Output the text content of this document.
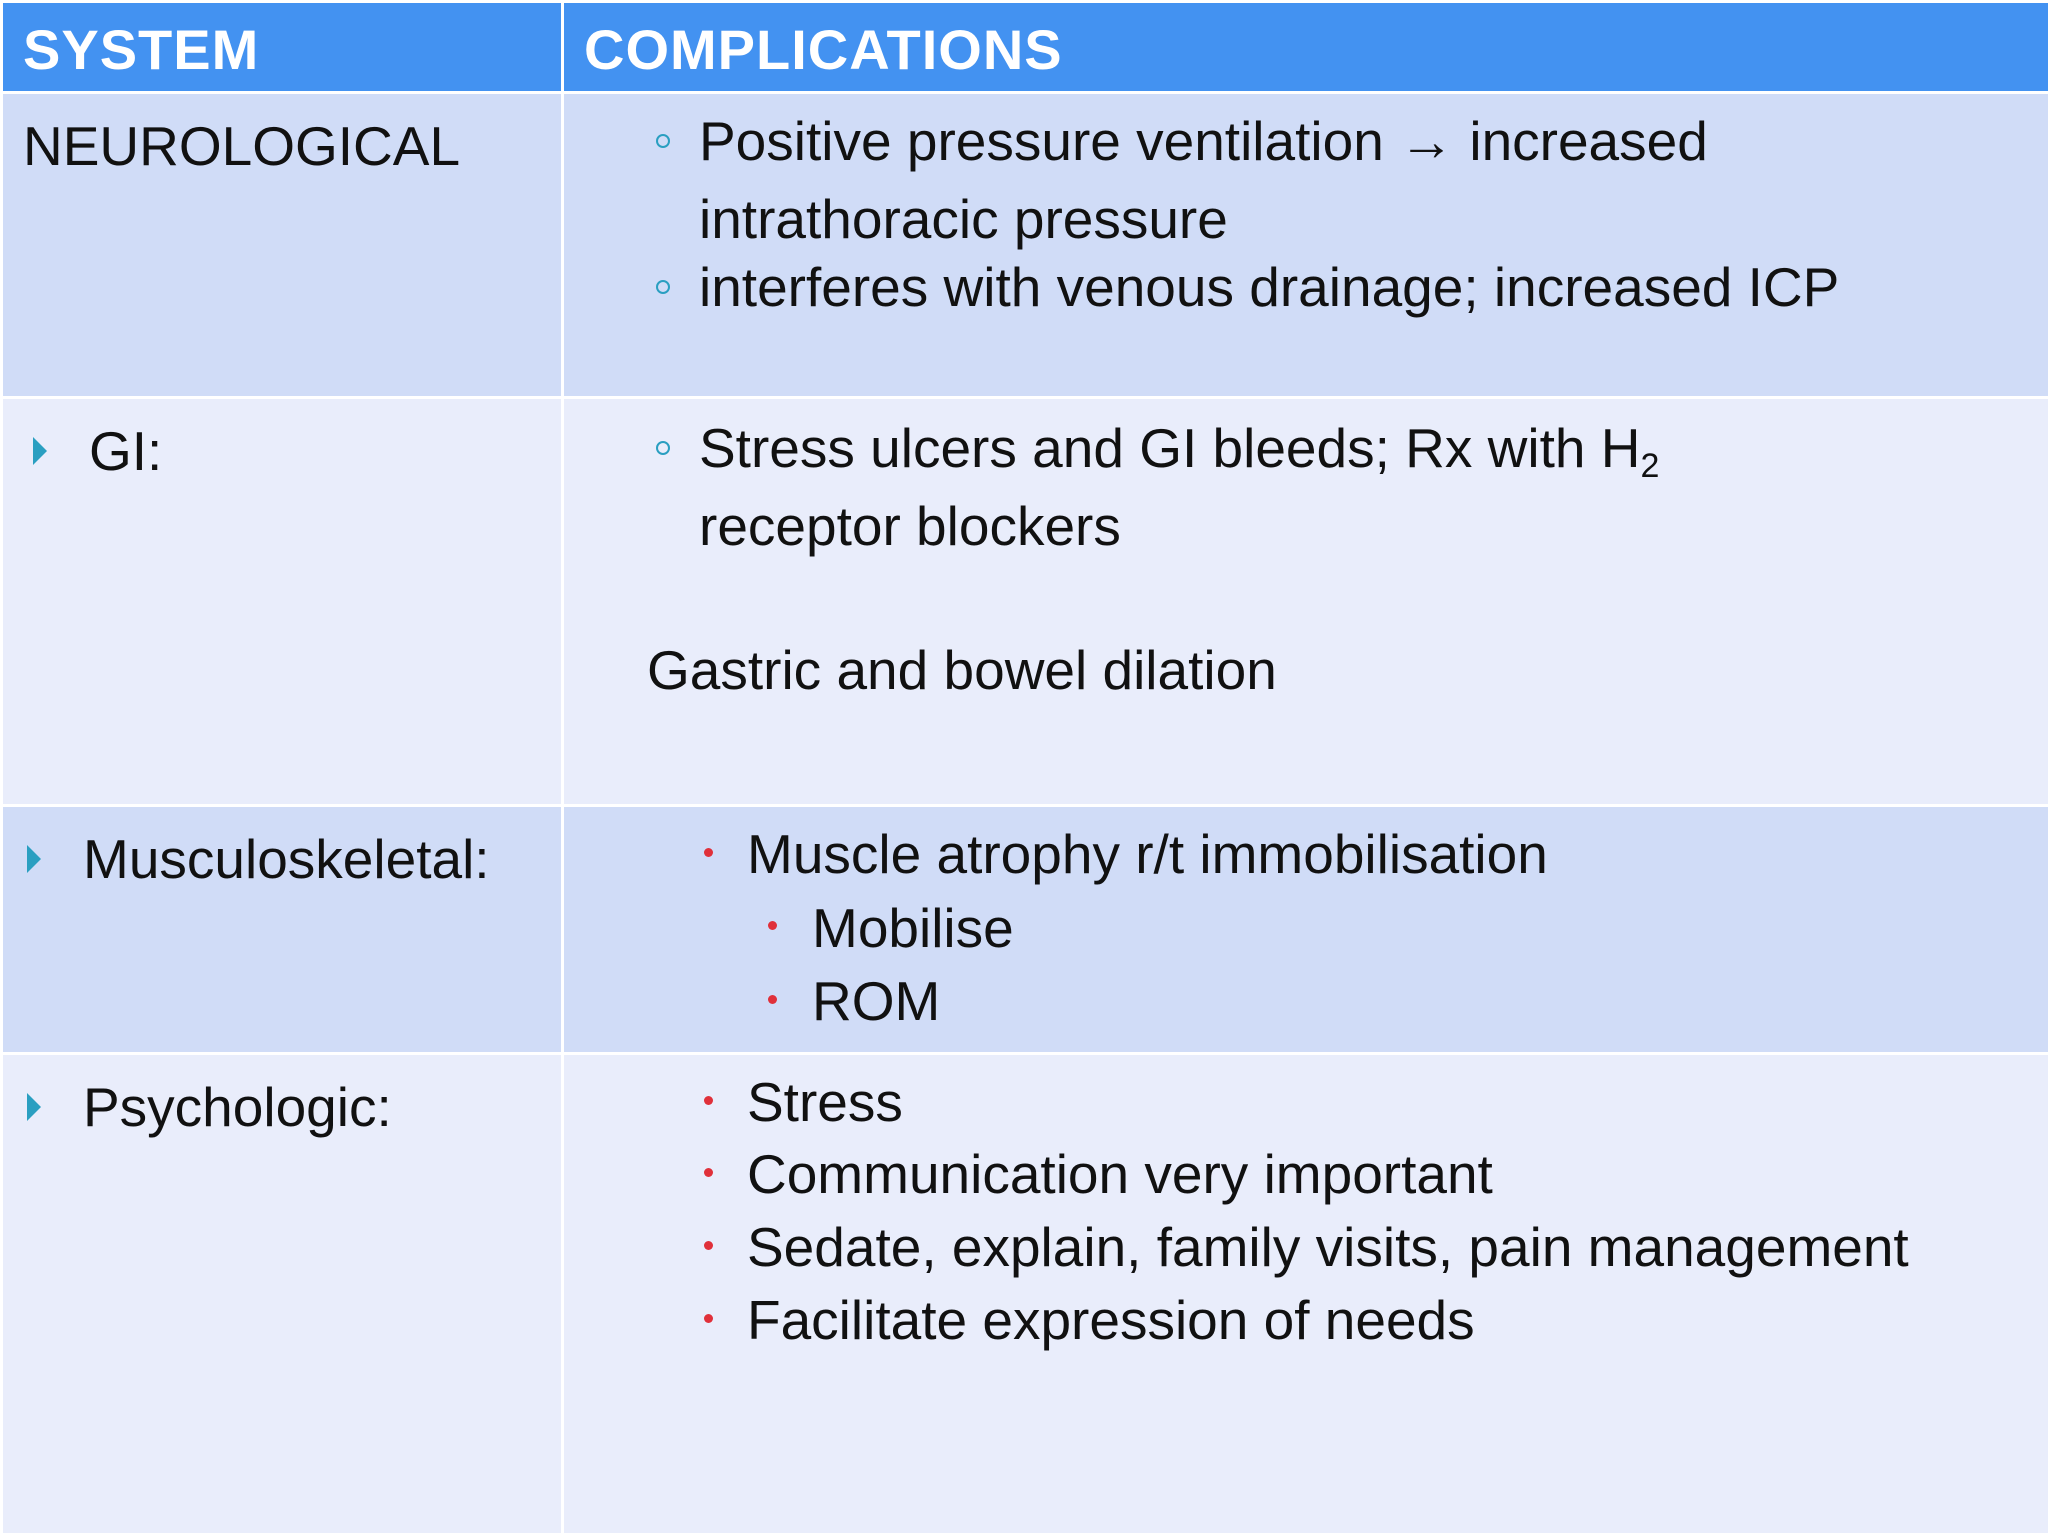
SYSTEM	COMPLICATIONS

NEUROLOGICAL	Positive pressure ventilation → increased
intrathoracic pressure
interferes with venous drainage; increased ICP

GI:	Stress ulcers and GI bleeds; Rx with $H_2$
receptor blockers
Gastric and bowel dilation

Musculoskeletal:	Muscle atrophy r/t immobilisation
Mobilise
ROM

Psychologic:	Stress
Communication very important
Sedate, explain, family visits, pain management
Facilitate expression of needs
